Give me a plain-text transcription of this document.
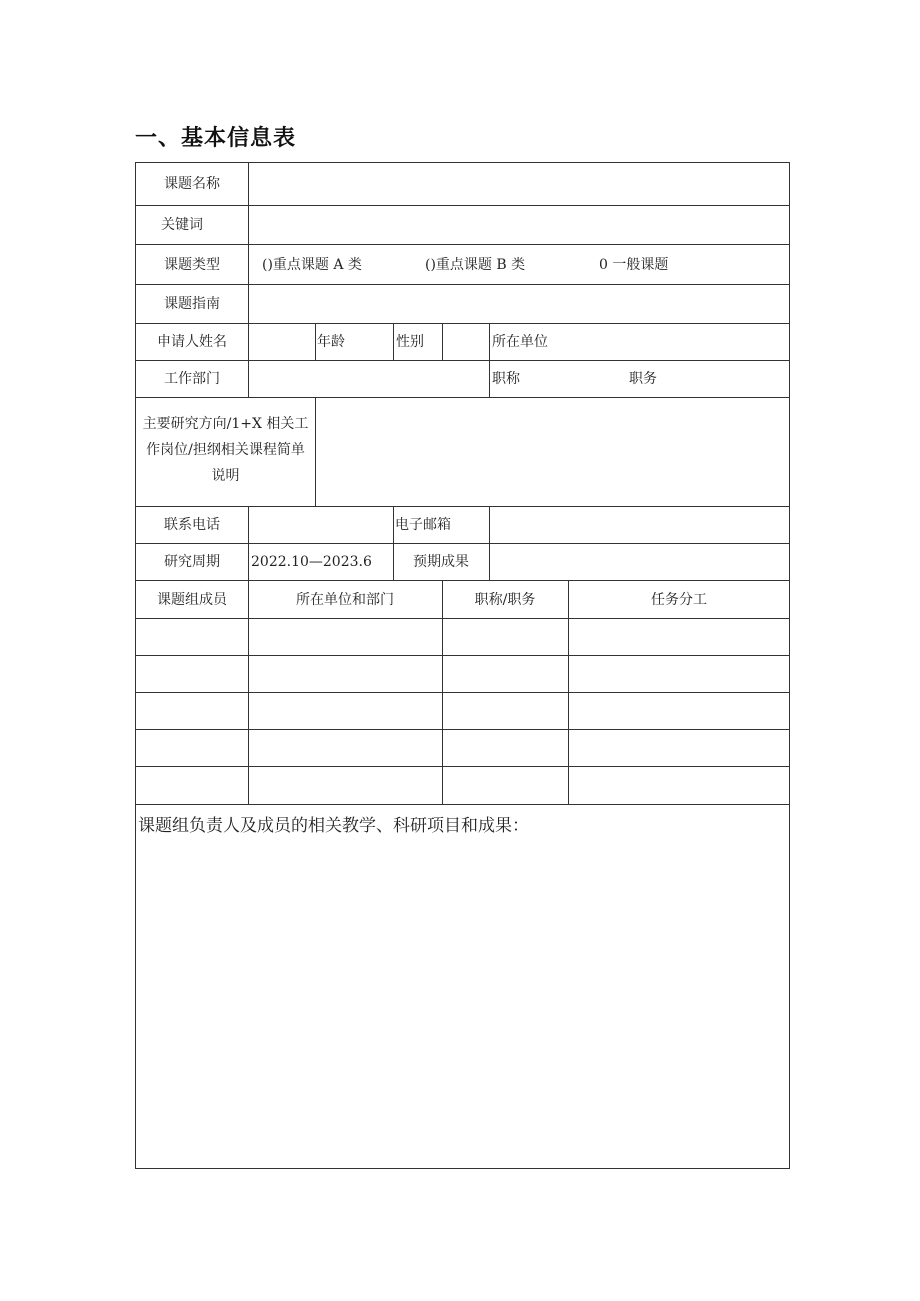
一、基本信息表
课题名称
关键词
课题类型	()重点课题 A 类	()重点课题 B 类	0 一般课题
课题指南
申请人姓名	年龄	性别	所在单位
工作部门	职称	职务
主要研究方向/1+X 相关工
作岗位/担纲相关课程简单
说明
联系电话	电子邮箱
研究周期 2022.10—2023.6	预期成果
课题组成员	所在单位和部门	职称/职务	任务分工
课题组负责人及成员的相关教学、科研项目和成果：
